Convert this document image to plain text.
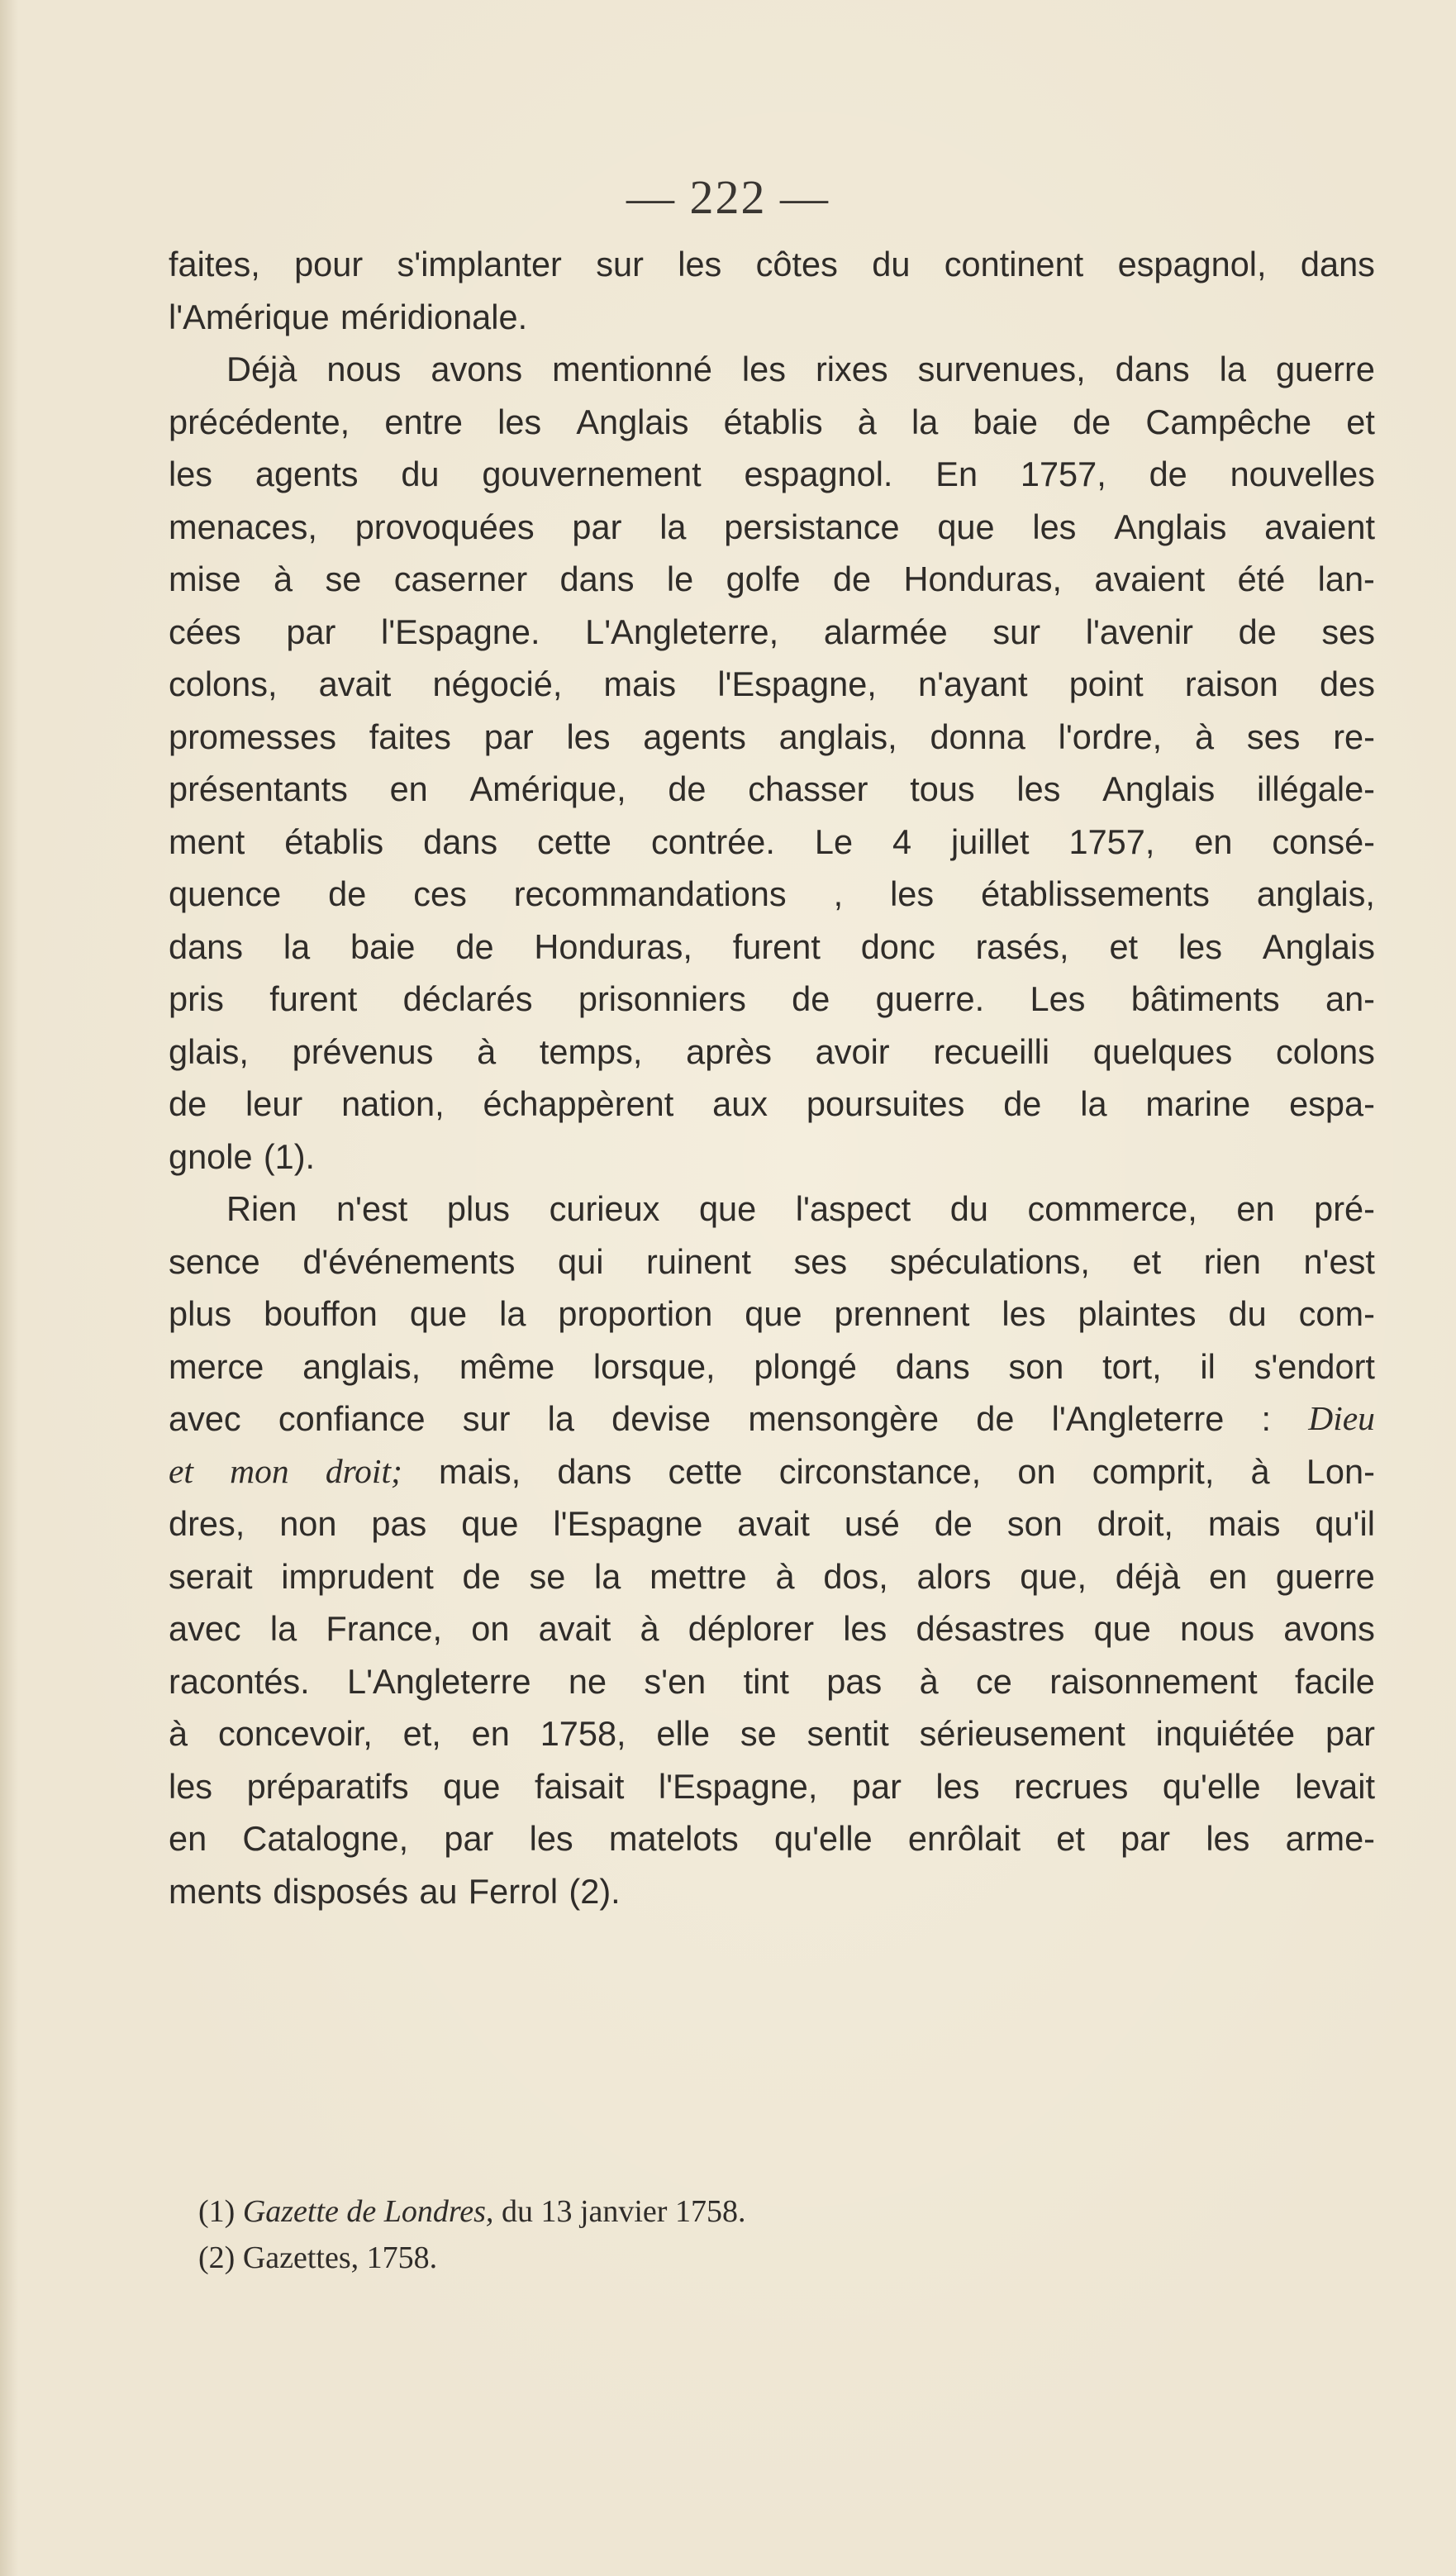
— 222 —
faites, pour s'implanter sur les côtes du continent espagnol, dans
l'Amérique méridionale.
Déjà nous avons mentionné les rixes survenues, dans la guerre
précédente, entre les Anglais établis à la baie de Campêche et
les agents du gouvernement espagnol. En 1757, de nouvelles
menaces, provoquées par la persistance que les Anglais avaient
mise à se caserner dans le golfe de Honduras, avaient été lan-
cées par l'Espagne. L'Angleterre, alarmée sur l'avenir de ses
colons, avait négocié, mais l'Espagne, n'ayant point raison des
promesses faites par les agents anglais, donna l'ordre, à ses re-
présentants en Amérique, de chasser tous les Anglais illégale-
ment établis dans cette contrée. Le 4 juillet 1757, en consé-
quence de ces recommandations , les établissements anglais,
dans la baie de Honduras, furent donc rasés, et les Anglais
pris furent déclarés prisonniers de guerre. Les bâtiments an-
glais, prévenus à temps, après avoir recueilli quelques colons
de leur nation, échappèrent aux poursuites de la marine espa-
gnole (1).
Rien n'est plus curieux que l'aspect du commerce, en pré-
sence d'événements qui ruinent ses spéculations, et rien n'est
plus bouffon que la proportion que prennent les plaintes du com-
merce anglais, même lorsque, plongé dans son tort, il s'endort
avec confiance sur la devise mensongère de l'Angleterre : Dieu
et mon droit; mais, dans cette circonstance, on comprit, à Lon-
dres, non pas que l'Espagne avait usé de son droit, mais qu'il
serait imprudent de se la mettre à dos, alors que, déjà en guerre
avec la France, on avait à déplorer les désastres que nous avons
racontés. L'Angleterre ne s'en tint pas à ce raisonnement facile
à concevoir, et, en 1758, elle se sentit sérieusement inquiétée par
les préparatifs que faisait l'Espagne, par les recrues qu'elle levait
en Catalogne, par les matelots qu'elle enrôlait et par les arme-
ments disposés au Ferrol (2).
(1) Gazette de Londres, du 13 janvier 1758.
(2) Gazettes, 1758.
